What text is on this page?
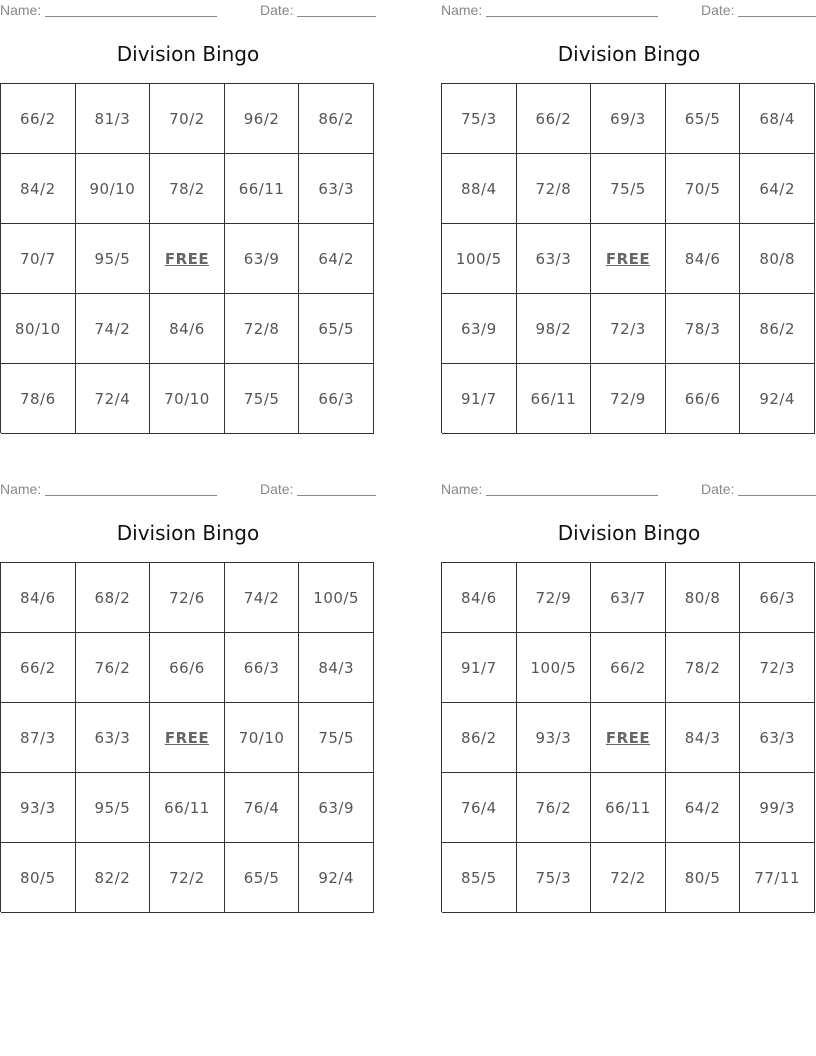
Name:	Date:
Division Bingo
66/2	81/3	70/2	96/2	86/2
84/2	90/10	78/2	66/11	63/3
70/7	95/5	FREE	63/9	64/2
80/10	74/2	84/6	72/8	65/5
78/6	72/4	70/10	75/5	66/3
Name:	Date:
Division Bingo
75/3	66/2	69/3	65/5	68/4
88/4	72/8	75/5	70/5	64/2
100/5	63/3	FREE	84/6	80/8
63/9	98/2	72/3	78/3	86/2
91/7	66/11	72/9	66/6	92/4
Name:	Date:
Division Bingo
84/6	68/2	72/6	74/2	100/5
66/2	76/2	66/6	66/3	84/3
87/3	63/3	FREE	70/10	75/5
93/3	95/5	66/11	76/4	63/9
80/5	82/2	72/2	65/5	92/4
Name:	Date:
Division Bingo
84/6	72/9	63/7	80/8	66/3
91/7	100/5	66/2	78/2	72/3
86/2	93/3	FREE	84/3	63/3
76/4	76/2	66/11	64/2	99/3
85/5	75/3	72/2	80/5	77/11
